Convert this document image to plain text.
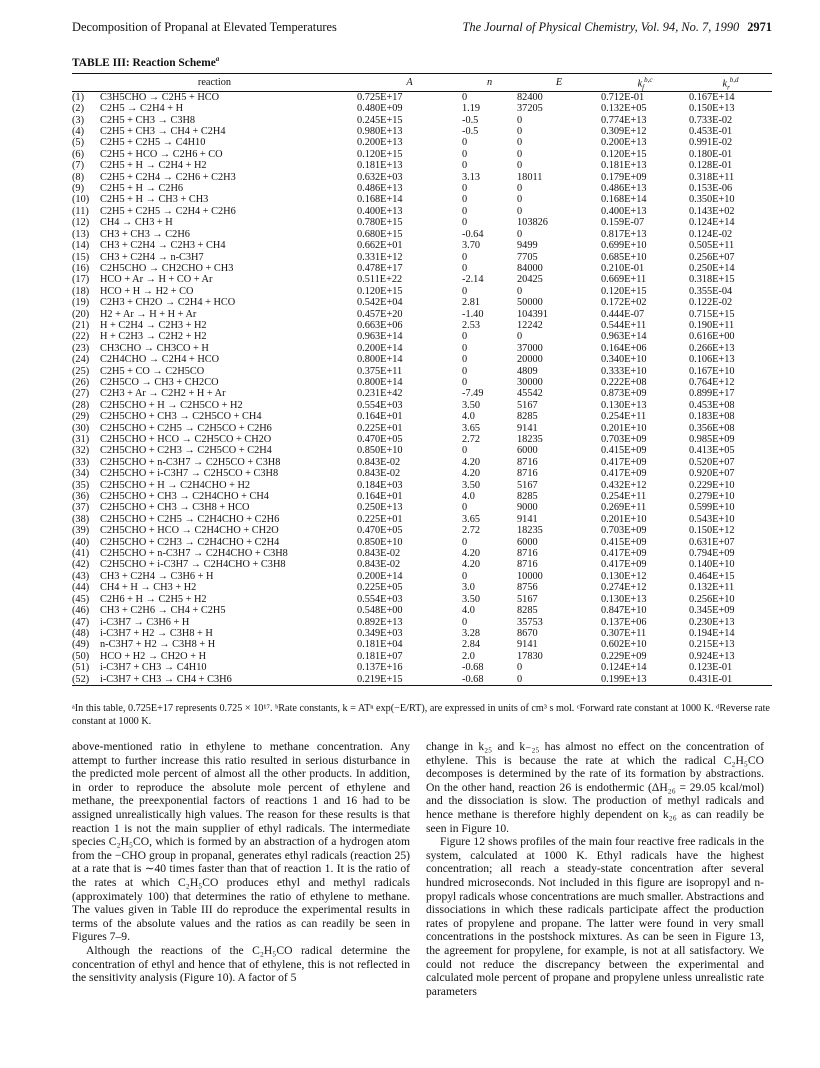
Decomposition of Propanal at Elevated Temperatures	The Journal of Physical Chemistry, Vol. 94, No. 7, 1990 2971
TABLE III: Reaction Scheme$^a$
reaction		A	n	E	$k_f^{b,c}$	$k_r^{b,d}$
(1)	C3H5CHO → C2H5 + HCO	0.725E+17	0	82400	0.712E-01	0.167E+14
(2)	C2H5 → C2H4 + H	0.480E+09	1.19	37205	0.132E+05	0.150E+13
(3)	C2H5 + CH3 → C3H8	0.245E+15	-0.5	0	0.774E+13	0.733E-02
(4)	C2H5 + CH3 → CH4 + C2H4	0.980E+13	-0.5	0	0.309E+12	0.453E-01
(5)	C2H5 + C2H5 → C4H10	0.200E+13	0	0	0.200E+13	0.991E-02
(6)	C2H5 + HCO → C2H6 + CO	0.120E+15	0	0	0.120E+15	0.180E-01
(7)	C2H5 + H → C2H4 + H2	0.181E+13	0	0	0.181E+13	0.128E-01
(8)	C2H5 + C2H4 → C2H6 + C2H3	0.632E+03	3.13	18011	0.179E+09	0.318E+11
(9)	C2H5 + H → C2H6	0.486E+13	0	0	0.486E+13	0.153E-06
(10)	C2H5 + H → CH3 + CH3	0.168E+14	0	0	0.168E+14	0.350E+10
(11)	C2H5 + C2H5 → C2H4 + C2H6	0.400E+13	0	0	0.400E+13	0.143E+02
(12)	CH4 → CH3 + H	0.780E+15	0	103826	0.159E-07	0.124E+14
(13)	CH3 + CH3 → C2H6	0.680E+15	-0.64	0	0.817E+13	0.124E-02
(14)	CH3 + C2H4 → C2H3 + CH4	0.662E+01	3.70	9499	0.699E+10	0.505E+11
(15)	CH3 + C2H4 → n-C3H7	0.331E+12	0	7705	0.685E+10	0.256E+07
(16)	C2H5CHO → CH2CHO + CH3	0.478E+17	0	84000	0.210E-01	0.250E+14
(17)	HCO + Ar → H + CO + Ar	0.511E+22	-2.14	20425	0.669E+11	0.318E+15
(18)	HCO + H → H2 + CO	0.120E+15	0	0	0.120E+15	0.355E-04
(19)	C2H3 + CH2O → C2H4 + HCO	0.542E+04	2.81	50000	0.172E+02	0.122E-02
(20)	H2 + Ar → H + H + Ar	0.457E+20	-1.40	104391	0.444E-07	0.715E+15
(21)	H + C2H4 → C2H3 + H2	0.663E+06	2.53	12242	0.544E+11	0.190E+11
(22)	H + C2H3 → C2H2 + H2	0.963E+14	0	0	0.963E+14	0.616E+00
(23)	CH3CHO → CH3CO + H	0.200E+14	0	37000	0.164E+06	0.266E+13
(24)	C2H4CHO → C2H4 + HCO	0.800E+14	0	20000	0.340E+10	0.106E+13
(25)	C2H5 + CO → C2H5CO	0.375E+11	0	4809	0.333E+10	0.167E+10
(26)	C2H5CO → CH3 + CH2CO	0.800E+14	0	30000	0.222E+08	0.764E+12
(27)	C2H3 + Ar → C2H2 + H + Ar	0.231E+42	-7.49	45542	0.873E+09	0.899E+17
(28)	C2H5CHO + H → C2H5CO + H2	0.554E+03	3.50	5167	0.130E+13	0.453E+08
(29)	C2H5CHO + CH3 → C2H5CO + CH4	0.164E+01	4.0	8285	0.254E+11	0.183E+08
(30)	C2H5CHO + C2H5 → C2H5CO + C2H6	0.225E+01	3.65	9141	0.201E+10	0.356E+08
(31)	C2H5CHO + HCO → C2H5CO + CH2O	0.470E+05	2.72	18235	0.703E+09	0.985E+09
(32)	C2H5CHO + C2H3 → C2H5CO + C2H4	0.850E+10	0	6000	0.415E+09	0.413E+05
(33)	C2H5CHO + n-C3H7 → C2H5CO + C3H8	0.843E-02	4.20	8716	0.417E+09	0.520E+07
(34)	C2H5CHO + i-C3H7 → C2H5CO + C3H8	0.843E-02	4.20	8716	0.417E+09	0.920E+07
(35)	C2H5CHO + H → C2H4CHO + H2	0.184E+03	3.50	5167	0.432E+12	0.229E+10
(36)	C2H5CHO + CH3 → C2H4CHO + CH4	0.164E+01	4.0	8285	0.254E+11	0.279E+10
(37)	C2H5CHO + CH3 → C3H8 + HCO	0.250E+13	0	9000	0.269E+11	0.599E+10
(38)	C2H5CHO + C2H5 → C2H4CHO + C2H6	0.225E+01	3.65	9141	0.201E+10	0.543E+10
(39)	C2H5CHO + HCO → C2H4CHO + CH2O	0.470E+05	2.72	18235	0.703E+09	0.150E+12
(40)	C2H5CHO + C2H3 → C2H4CHO + C2H4	0.850E+10	0	6000	0.415E+09	0.631E+07
(41)	C2H5CHO + n-C3H7 → C2H4CHO + C3H8	0.843E-02	4.20	8716	0.417E+09	0.794E+09
(42)	C2H5CHO + i-C3H7 → C2H4CHO + C3H8	0.843E-02	4.20	8716	0.417E+09	0.140E+10
(43)	CH3 + C2H4 → C3H6 + H	0.200E+14	0	10000	0.130E+12	0.464E+15
(44)	CH4 + H → CH3 + H2	0.225E+05	3.0	8756	0.274E+12	0.132E+11
(45)	C2H6 + H → C2H5 + H2	0.554E+03	3.50	5167	0.130E+13	0.256E+10
(46)	CH3 + C2H6 → CH4 + C2H5	0.548E+00	4.0	8285	0.847E+10	0.345E+09
(47)	i-C3H7 → C3H6 + H	0.892E+13	0	35753	0.137E+06	0.230E+13
(48)	i-C3H7 + H2 → C3H8 + H	0.349E+03	3.28	8670	0.307E+11	0.194E+14
(49)	n-C3H7 + H2 → C3H8 + H	0.181E+04	2.84	9141	0.602E+10	0.215E+13
(50)	HCO + H2 → CH2O + H	0.181E+07	2.0	17830	0.229E+09	0.924E+13
(51)	i-C3H7 + CH3 → C4H10	0.137E+16	-0.68	0	0.124E+14	0.123E-01
(52)	i-C3H7 + CH3 → CH4 + C3H6	0.219E+15	-0.68	0	0.199E+13	0.431E-01
ᵃIn this table, 0.725E+17 represents 0.725 × 10¹⁷. ᵇRate constants, k = ATⁿ exp(−E/RT), are expressed in units of cm³ s mol. ᶜForward rate constant at 1000 K. ᵈReverse rate constant at 1000 K.

above-mentioned ratio in ethylene to methane concentration. Any attempt to further increase this ratio resulted in serious disturbance in the predicted mole percent of almost all the other products. In addition, in order to reproduce the absolute mole percent of ethylene and methane, the preexponential factors of reactions 1 and 16 had to be assigned unrealistically high values. The reason for these results is that reaction 1 is not the main supplier of ethyl radicals. The intermediate species C₂H₅CO, which is formed by an abstraction of a hydrogen atom from the −CHO group in propanal, generates ethyl radicals (reaction 25) at a rate that is ∼40 times faster than that of reaction 1. It is the ratio of the rates at which C₂H₅CO produces ethyl and methyl radicals (approximately 100) that determines the ratio of ethylene to methane. The values given in Table III do reproduce the experimental results in terms of the absolute values and the ratios as can readily be seen in Figures 7–9.

Although the reactions of the C₂H₅CO radical determine the concentration of ethyl and hence that of ethylene, this is not reflected in the sensitivity analysis (Figure 10). A factor of 5

change in k₂₅ and k₋₂₅ has almost no effect on the concentration of ethylene. This is because the rate at which the radical C₂H₅CO decomposes is determined by the rate of its formation by abstractions. On the other hand, reaction 26 is endothermic (ΔH₂₆ = 29.05 kcal/mol) and the dissociation is slow. The production of methyl radicals and hence methane is therefore highly dependent on k₂₆ as can readily be seen in Figure 10.

Figure 12 shows profiles of the main four reactive free radicals in the system, calculated at 1000 K. Ethyl radicals have the highest concentration; all reach a steady-state concentration after several hundred microseconds. Not included in this figure are isopropyl and n-propyl radicals whose concentrations are much smaller. Abstractions and dissociations in which these radicals participate affect the production rates of propylene and propane. The latter were found in very small concentrations in the postshock mixtures. As can be seen in Figure 13, the agreement for propylene, for example, is not at all satisfactory. We could not reduce the discrepancy between the experimental and calculated mole percent of propane and propylene unless unrealistic rate parameters
